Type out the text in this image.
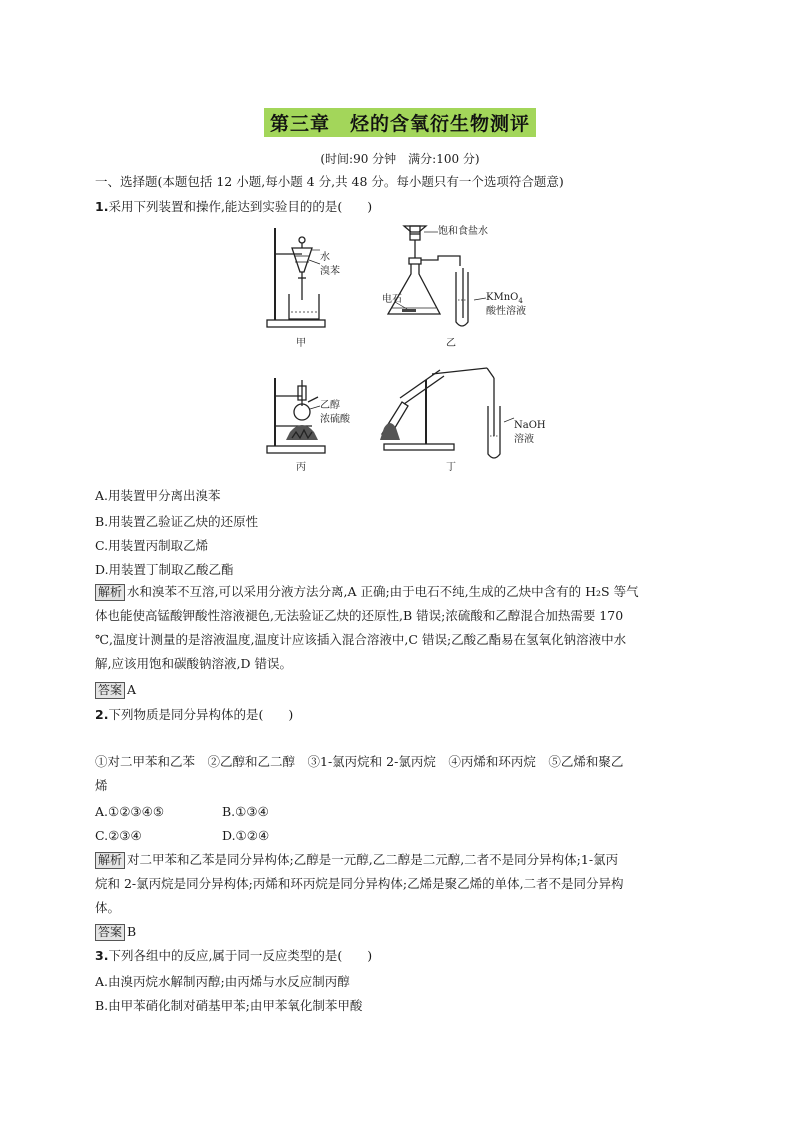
第三章　烃的含氧衍生物测评
(时间:90 分钟　满分:100 分)
一、选择题(本题包括 12 小题,每小题 4 分,共 48 分。每小题只有一个选项符合题意)
1.采用下列装置和操作,能达到实验目的的是(　　)
水
溴苯
饱和食盐水
电石	KMnO$_4$
酸性溶液
乙醇
浓硫酸
NaOH
溶液
甲	乙
丙	丁
A.用装置甲分离出溴苯
B.用装置乙验证乙炔的还原性
C.用装置丙制取乙烯
D.用装置丁制取乙酸乙酯
解析 水和溴苯不互溶,可以采用分液方法分离,A 正确;由于电石不纯,生成的乙炔中含有的 H₂S 等气
体也能使高锰酸钾酸性溶液褪色,无法验证乙炔的还原性,B 错误;浓硫酸和乙醇混合加热需要 170
℃,温度计测量的是溶液温度,温度计应该插入混合溶液中,C 错误;乙酸乙酯易在氢氧化钠溶液中水
解,应该用饱和碳酸钠溶液,D 错误。
答案 A
2.下列物质是同分异构体的是(　　)
①对二甲苯和乙苯　②乙醇和乙二醇　③1-氯丙烷和 2-氯丙烷　④丙烯和环丙烷　⑤乙烯和聚乙
烯
A.①②③④⑤	B.①③④
C.②③④	D.①②④
解析 对二甲苯和乙苯是同分异构体;乙醇是一元醇,乙二醇是二元醇,二者不是同分异构体;1-氯丙
烷和 2-氯丙烷是同分异构体;丙烯和环丙烷是同分异构体;乙烯是聚乙烯的单体,二者不是同分异构
体。
答案 B
3.下列各组中的反应,属于同一反应类型的是(　　)
A.由溴丙烷水解制丙醇;由丙烯与水反应制丙醇
B.由甲苯硝化制对硝基甲苯;由甲苯氧化制苯甲酸
